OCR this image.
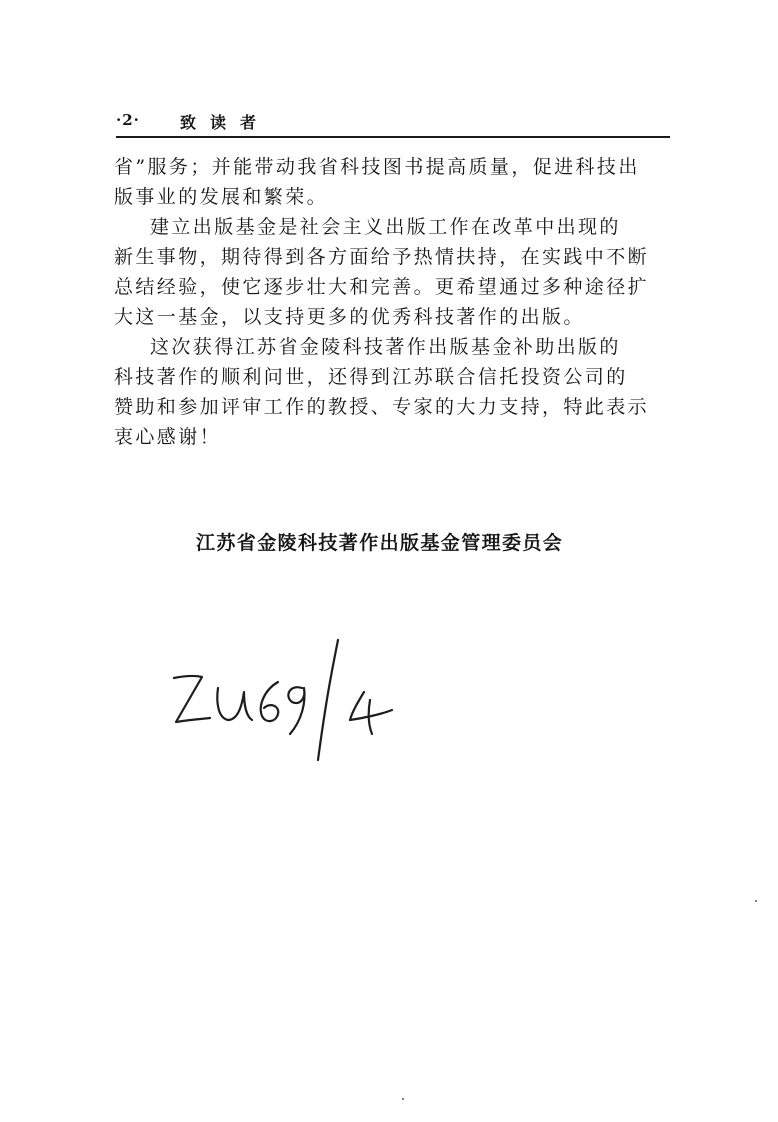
·2·	致读者
省”服务；并能带动我省科技图书提高质量，促进科技出
版事业的发展和繁荣。
建立出版基金是社会主义出版工作在改革中出现的
新生事物，期待得到各方面给予热情扶持，在实践中不断
总结经验，使它逐步壮大和完善。更希望通过多种途径扩
大这一基金，以支持更多的优秀科技著作的出版。
这次获得江苏省金陵科技著作出版基金补助出版的
科技著作的顺利问世，还得到江苏联合信托投资公司的
赞助和参加评审工作的教授、专家的大力支持，特此表示
衷心感谢！
江苏省金陵科技著作出版基金管理委员会
